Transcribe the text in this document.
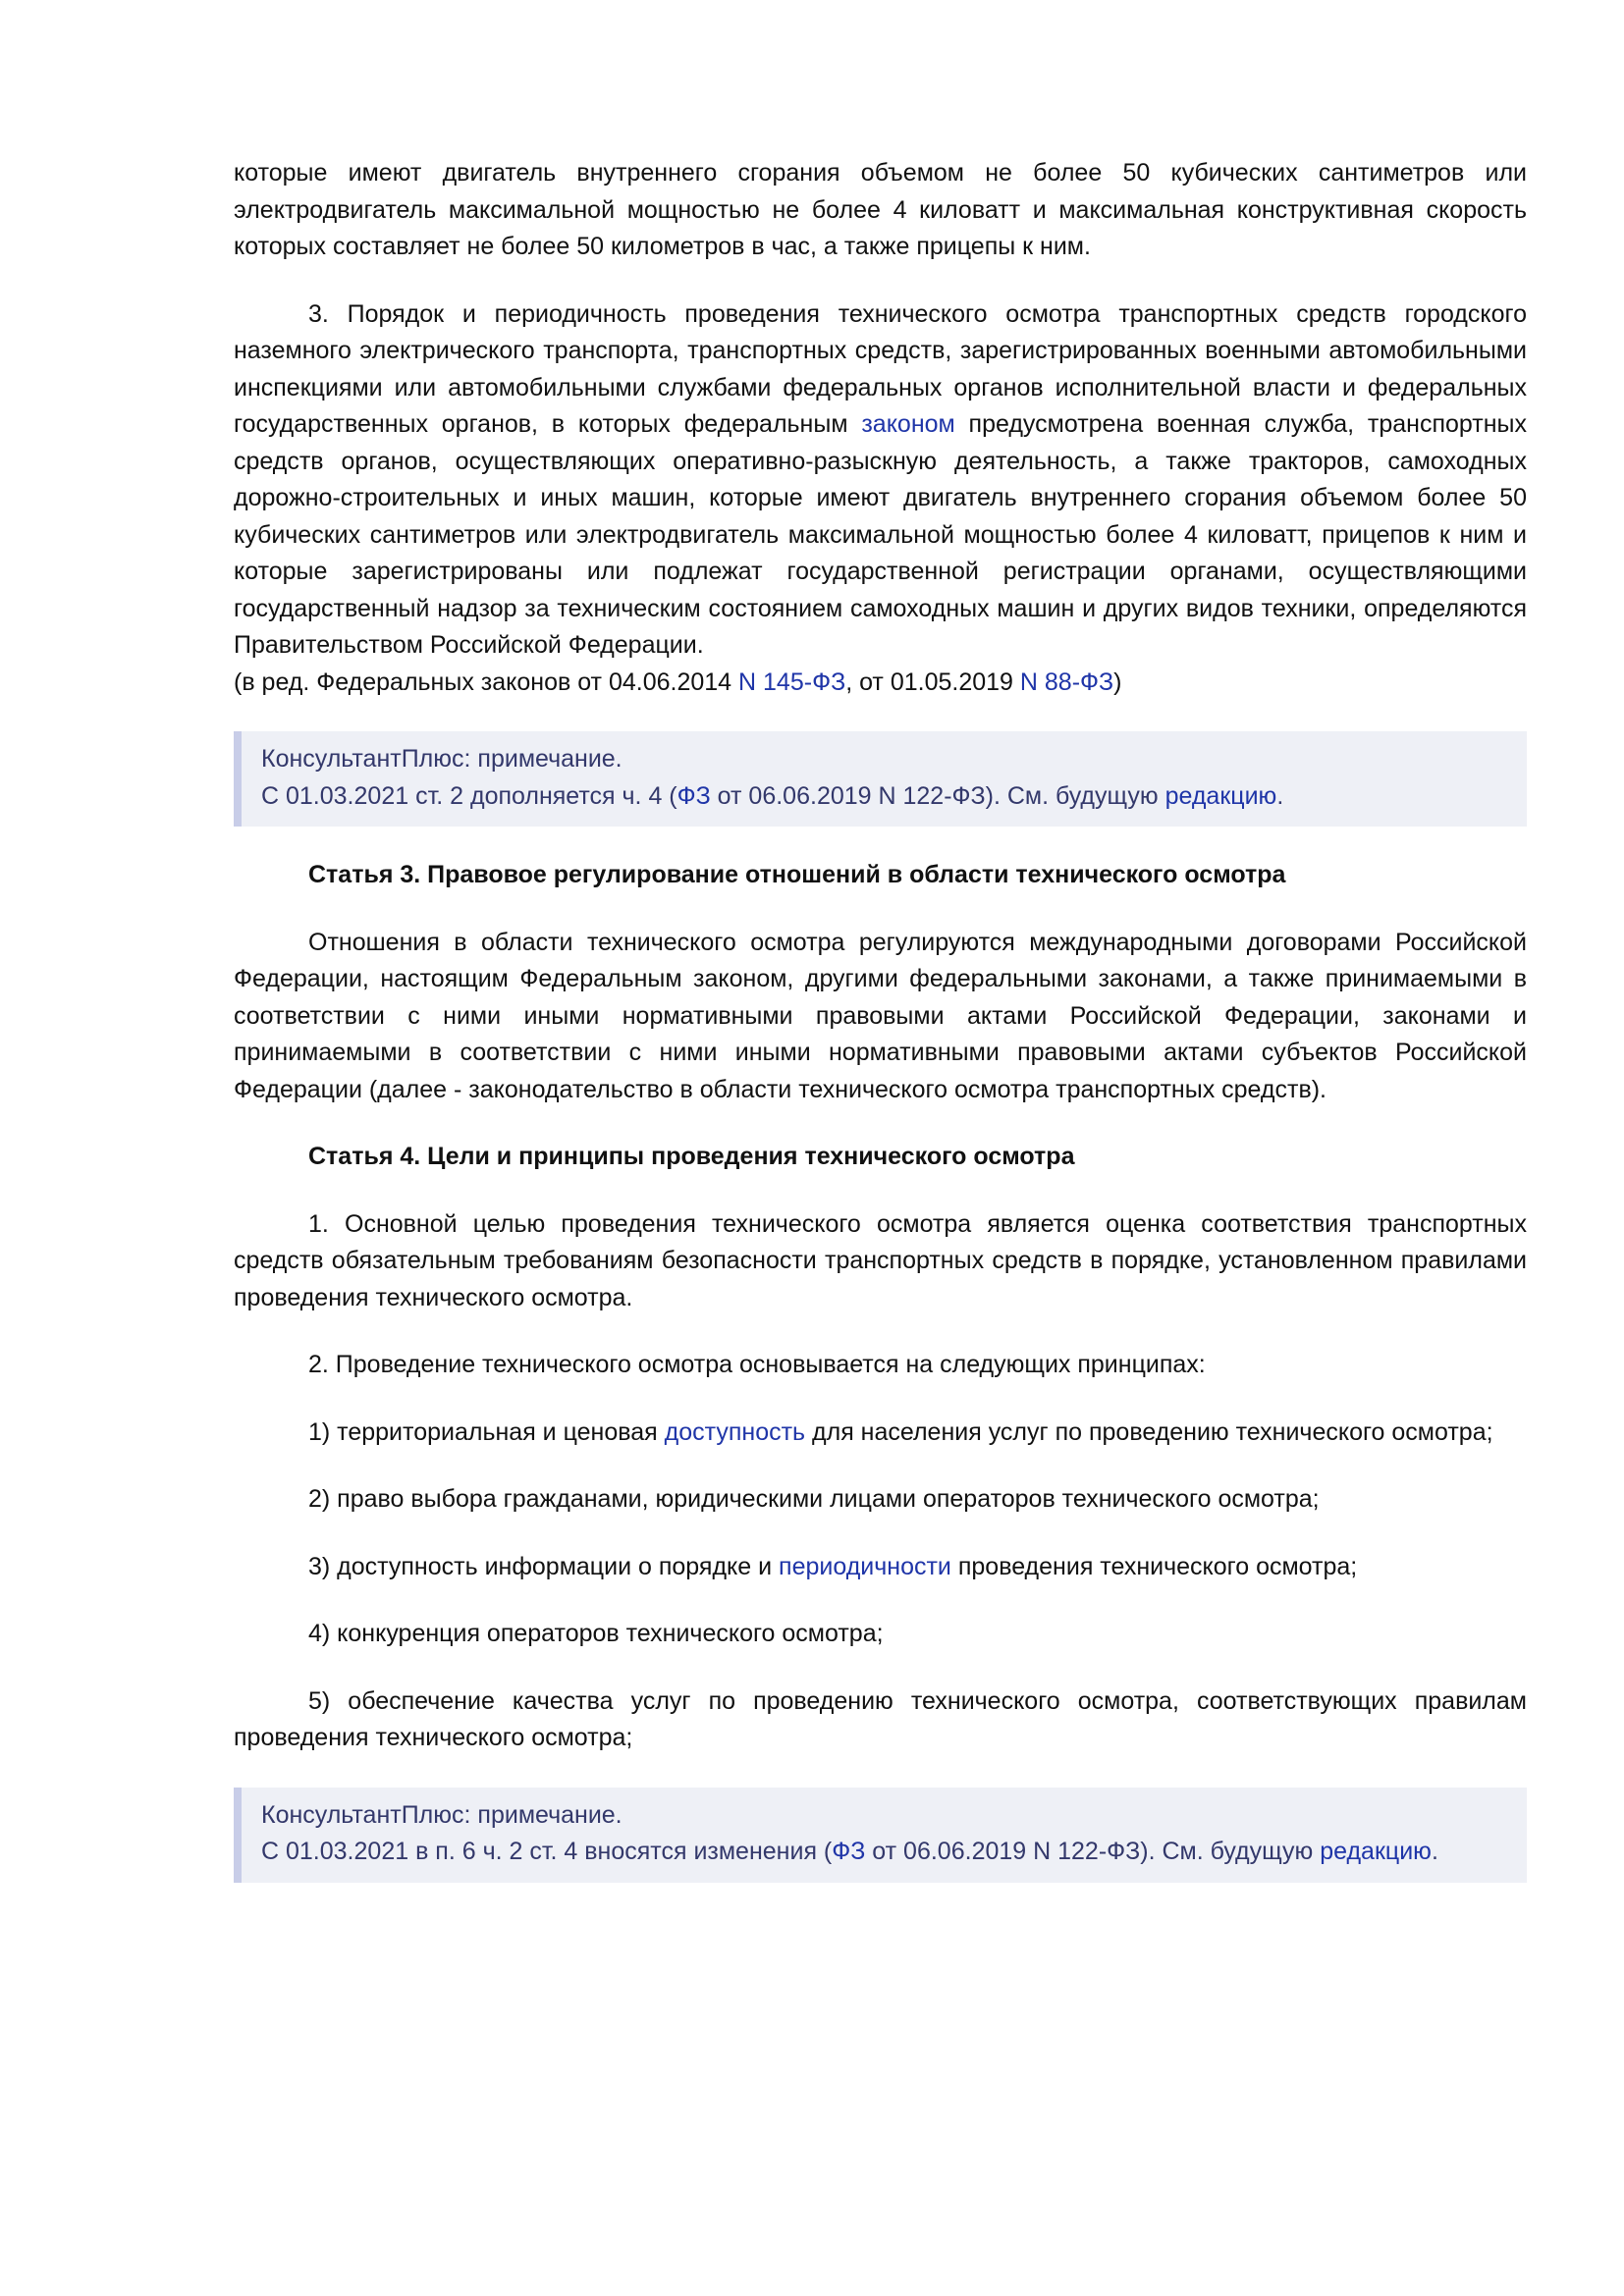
которые имеют двигатель внутреннего сгорания объемом не более 50 кубических сантиметров или электродвигатель максимальной мощностью не более 4 киловатт и максимальная конструктивная скорость которых составляет не более 50 километров в час, а также прицепы к ним.

3. Порядок и периодичность проведения технического осмотра транспортных средств городского наземного электрического транспорта, транспортных средств, зарегистрированных военными автомобильными инспекциями или автомобильными службами федеральных органов исполнительной власти и федеральных государственных органов, в которых федеральным законом предусмотрена военная служба, транспортных средств органов, осуществляющих оперативно-разыскную деятельность, а также тракторов, самоходных дорожно-строительных и иных машин, которые имеют двигатель внутреннего сгорания объемом более 50 кубических сантиметров или электродвигатель максимальной мощностью более 4 киловатт, прицепов к ним и которые зарегистрированы или подлежат государственной регистрации органами, осуществляющими государственный надзор за техническим состоянием самоходных машин и других видов техники, определяются Правительством Российской Федерации.

(в ред. Федеральных законов от 04.06.2014 N 145-ФЗ, от 01.05.2019 N 88-ФЗ)

КонсультантПлюс: примечание.
С 01.03.2021 ст. 2 дополняется ч. 4 (ФЗ от 06.06.2019 N 122-ФЗ). См. будущую редакцию.

Статья 3. Правовое регулирование отношений в области технического осмотра

Отношения в области технического осмотра регулируются международными договорами Российской Федерации, настоящим Федеральным законом, другими федеральными законами, а также принимаемыми в соответствии с ними иными нормативными правовыми актами Российской Федерации, законами и принимаемыми в соответствии с ними иными нормативными правовыми актами субъектов Российской Федерации (далее - законодательство в области технического осмотра транспортных средств).

Статья 4. Цели и принципы проведения технического осмотра

1. Основной целью проведения технического осмотра является оценка соответствия транспортных средств обязательным требованиям безопасности транспортных средств в порядке, установленном правилами проведения технического осмотра.

2. Проведение технического осмотра основывается на следующих принципах:

1) территориальная и ценовая доступность для населения услуг по проведению технического осмотра;

2) право выбора гражданами, юридическими лицами операторов технического осмотра;

3) доступность информации о порядке и периодичности проведения технического осмотра;

4) конкуренция операторов технического осмотра;

5) обеспечение качества услуг по проведению технического осмотра, соответствующих правилам проведения технического осмотра;

КонсультантПлюс: примечание.
С 01.03.2021 в п. 6 ч. 2 ст. 4 вносятся изменения (ФЗ от 06.06.2019 N 122-ФЗ). См. будущую редакцию.
